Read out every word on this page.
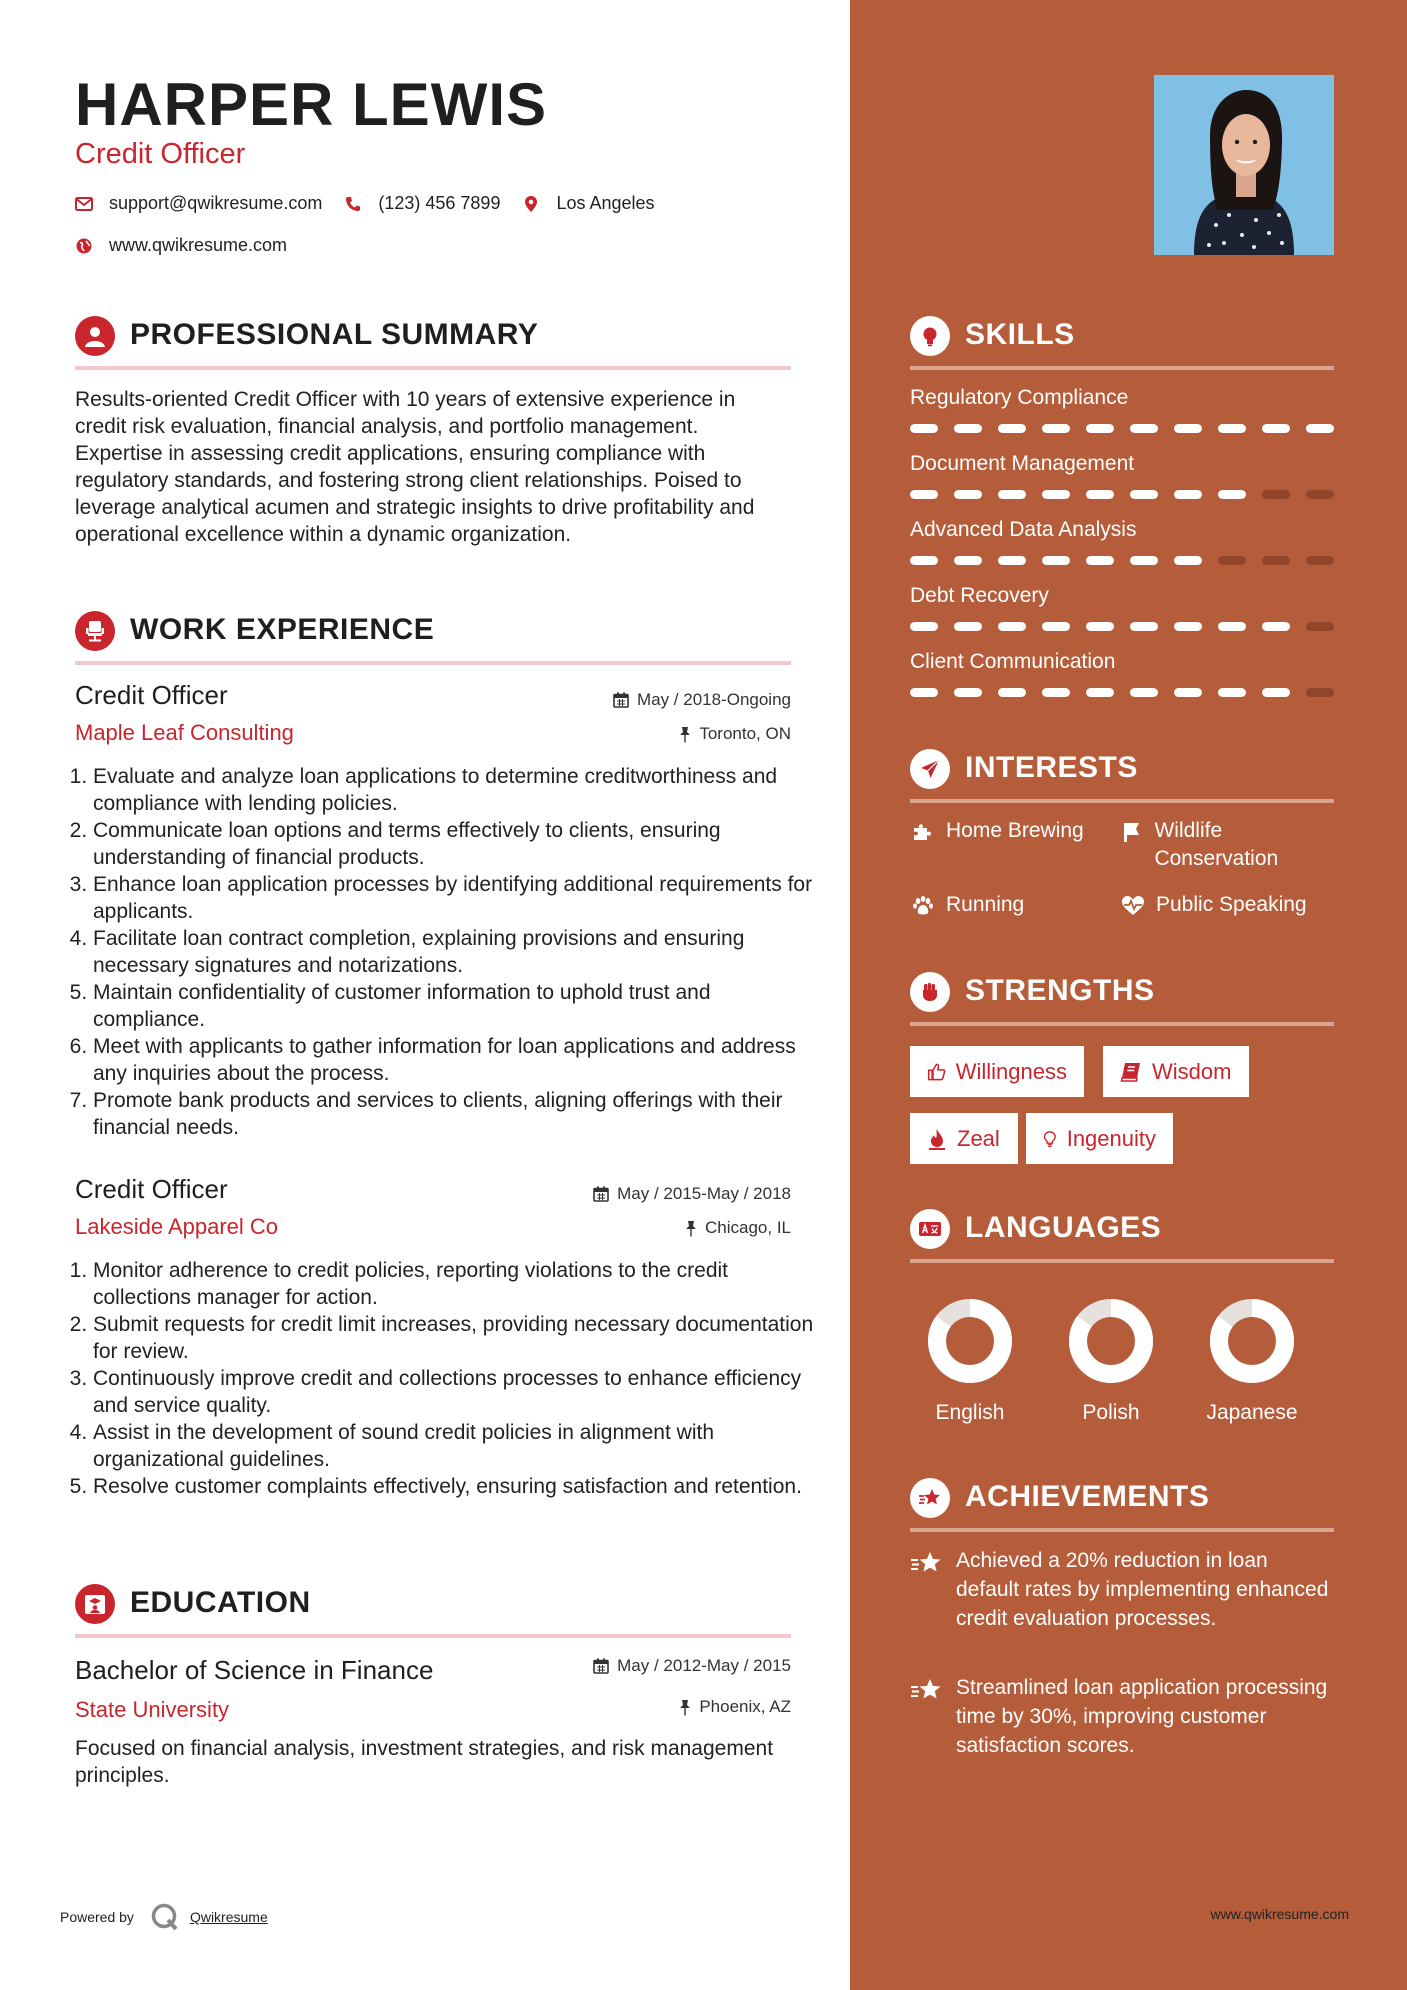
HARPER LEWIS
Credit Officer
support@qwikresume.com	(123) 456 7899	Los Angeles
www.qwikresume.com
PROFESSIONAL SUMMARY
Results-oriented Credit Officer with 10 years of extensive experience in credit risk evaluation, financial analysis, and portfolio management. Expertise in assessing credit applications, ensuring compliance with regulatory standards, and fostering strong client relationships. Poised to leverage analytical acumen and strategic insights to drive profitability and operational excellence within a dynamic organization.
WORK EXPERIENCE
Credit Officer	May / 2018-Ongoing
Maple Leaf Consulting	Toronto, ON
1. Evaluate and analyze loan applications to determine creditworthiness and compliance with lending policies.
2. Communicate loan options and terms effectively to clients, ensuring understanding of financial products.
3. Enhance loan application processes by identifying additional requirements for applicants.
4. Facilitate loan contract completion, explaining provisions and ensuring necessary signatures and notarizations.
5. Maintain confidentiality of customer information to uphold trust and compliance.
6. Meet with applicants to gather information for loan applications and address any inquiries about the process.
7. Promote bank products and services to clients, aligning offerings with their financial needs.
Credit Officer	May / 2015-May / 2018
Lakeside Apparel Co	Chicago, IL
1. Monitor adherence to credit policies, reporting violations to the credit collections manager for action.
2. Submit requests for credit limit increases, providing necessary documentation for review.
3. Continuously improve credit and collections processes to enhance efficiency and service quality.
4. Assist in the development of sound credit policies in alignment with organizational guidelines.
5. Resolve customer complaints effectively, ensuring satisfaction and retention.
EDUCATION
Bachelor of Science in Finance	May / 2012-May / 2015
State University	Phoenix, AZ
Focused on financial analysis, investment strategies, and risk management principles.
Powered by	Qwikresume
SKILLS
Regulatory Compliance
Document Management
Advanced Data Analysis
Debt Recovery
Client Communication
INTERESTS
Home Brewing	Wildlife Conservation
Running	Public Speaking
STRENGTHS
Willingness	Wisdom
Zeal	Ingenuity
LANGUAGES
English	Polish	Japanese
ACHIEVEMENTS
Achieved a 20% reduction in loan default rates by implementing enhanced credit evaluation processes.
Streamlined loan application processing time by 30%, improving customer satisfaction scores.
www.qwikresume.com
